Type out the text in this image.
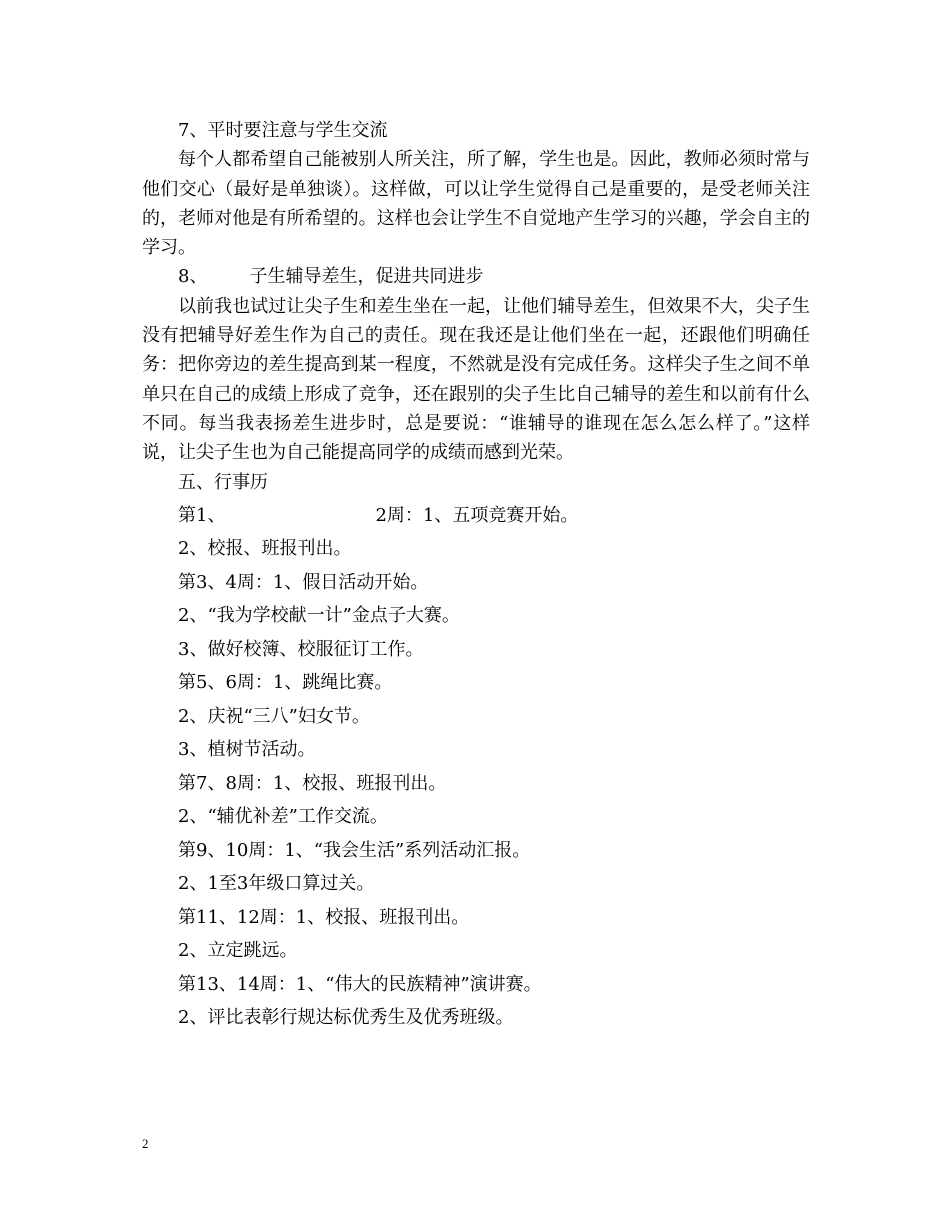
7、平时要注意与学生交流

每个人都希望自己能被别人所关注，所了解，学生也是。因此，教师必须时常与他们交心（最好是单独谈）。这样做，可以让学生觉得自己是重要的，是受老师关注的，老师对他是有所希望的。这样也会让学生不自觉地产生学习的兴趣，学会自主的学习。

8、 子生辅导差生，促进共同进步

以前我也试过让尖子生和差生坐在一起，让他们辅导差生，但效果不大，尖子生没有把辅导好差生作为自己的责任。现在我还是让他们坐在一起，还跟他们明确任务：把你旁边的差生提高到某一程度，不然就是没有完成任务。这样尖子生之间不单单只在自己的成绩上形成了竞争，还在跟别的尖子生比自己辅导的差生和以前有什么不同。每当我表扬差生进步时，总是要说：“谁辅导的谁现在怎么怎么样了。”这样说，让尖子生也为自己能提高同学的成绩而感到光荣。

五、行事历

第1、	2周：1、五项竞赛开始。

2、校报、班报刊出。

第3、4周：1、假日活动开始。

2、“我为学校献一计”金点子大赛。

3、做好校簿、校服征订工作。

第5、6周：1、跳绳比赛。

2、庆祝“三八”妇女节。

3、植树节活动。

第7、8周：1、校报、班报刊出。

2、“辅优补差”工作交流。

第9、10周：1、“我会生活”系列活动汇报。

2、1至3年级口算过关。

第11、12周：1、校报、班报刊出。

2、立定跳远。

第13、14周：1、“伟大的民族精神”演讲赛。

2、评比表彰行规达标优秀生及优秀班级。

2
